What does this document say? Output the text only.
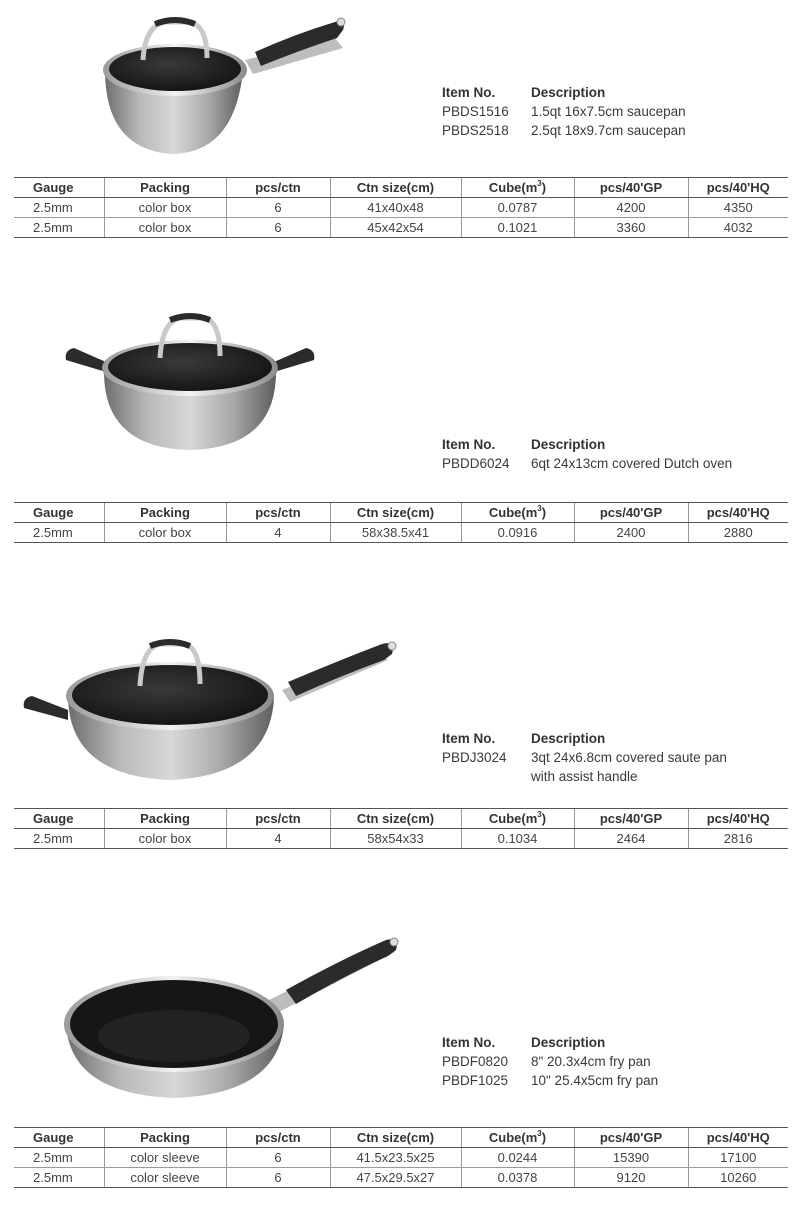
Item No.	Description
PBDS1516	1.5qt 16x7.5cm saucepan
PBDS2518	2.5qt 18x9.7cm saucepan
Gauge	Packing	pcs/ctn	Ctn size(cm)	$Cube(m^3)$	pcs/40'GP	pcs/40'HQ
2.5mm	color box	6	41x40x48	0.0787	4200	4350
2.5mm	color box	6	45x42x54	0.1021	3360	4032
Item No.	Description
PBDD6024	6qt 24x13cm covered Dutch oven
Gauge	Packing	pcs/ctn	Ctn size(cm)	$Cube(m^3)$	pcs/40'GP	pcs/40'HQ
2.5mm	color box	4	58x38.5x41	0.0916	2400	2880
Item No.	Description
PBDJ3024	3qt 24x6.8cm covered saute pan
with assist handle
Gauge	Packing	pcs/ctn	Ctn size(cm)	$Cube(m^3)$	pcs/40'GP	pcs/40'HQ
2.5mm	color box	4	58x54x33	0.1034	2464	2816
Item No.	Description
PBDF0820	8" 20.3x4cm fry pan
PBDF1025	10" 25.4x5cm fry pan
Gauge	Packing	pcs/ctn	Ctn size(cm)	$Cube(m^3)$	pcs/40'GP	pcs/40'HQ
2.5mm	color sleeve	6	41.5x23.5x25	0.0244	15390	17100
2.5mm	color sleeve	6	47.5x29.5x27	0.0378	9120	10260
